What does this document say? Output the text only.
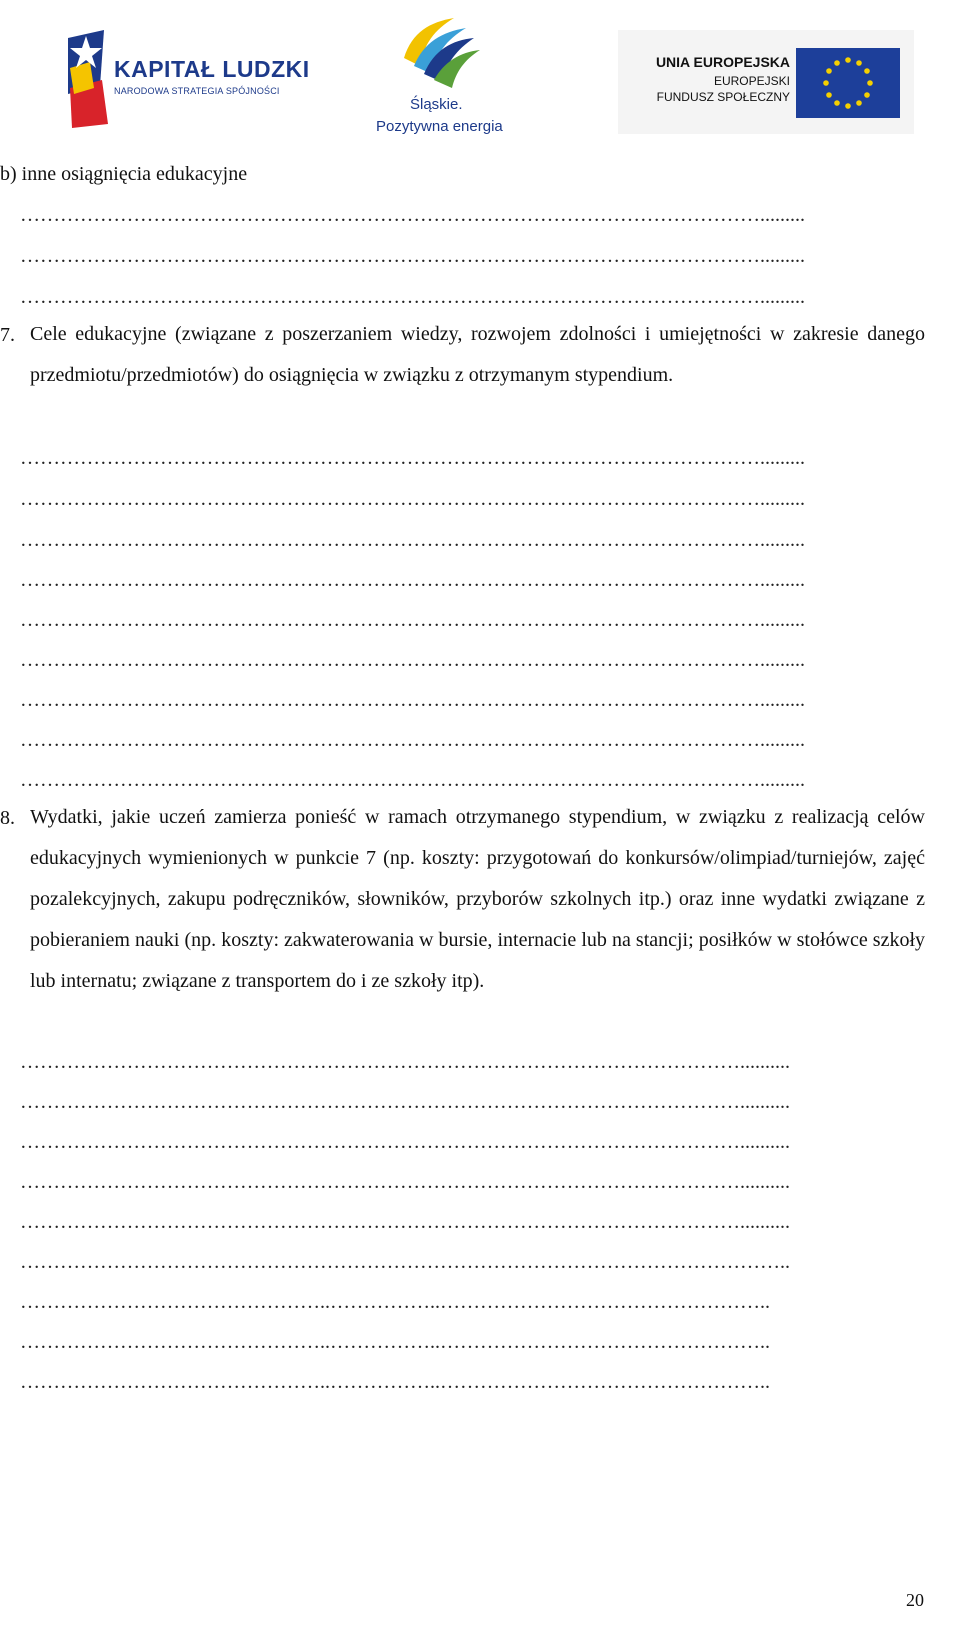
KAPITAŁ LUDZKI
NARODOWA STRATEGIA SPÓJNOŚCI
Śląskie.
Pozytywna energia
UNIA EUROPEJSKA
EUROPEJSKI
FUNDUSZ SPOŁECZNY
b) inne osiągnięcia edukacyjne
………………………………………………………………………………………………….........
………………………………………………………………………………………………….........
………………………………………………………………………………………………….........
7. Cele edukacyjne (związane z poszerzaniem wiedzy, rozwojem zdolności i umiejętności w zakresie danego przedmiotu/przedmiotów) do osiągnięcia w związku z otrzymanym stypendium.
………………………………………………………………………………………………….........
………………………………………………………………………………………………….........
………………………………………………………………………………………………….........
………………………………………………………………………………………………….........
………………………………………………………………………………………………….........
………………………………………………………………………………………………….........
………………………………………………………………………………………………….........
………………………………………………………………………………………………….........
………………………………………………………………………………………………….........
8. Wydatki, jakie uczeń zamierza ponieść w ramach otrzymanego stypendium, w związku z realizacją celów edukacyjnych wymienionych w punkcie 7 (np. koszty: przygotowań do konkursów/olimpiad/turniejów, zajęć pozalekcyjnych, zakupu podręczników, słowników, przyborów szkolnych itp.) oraz inne wydatki związane z pobieraniem nauki (np. koszty: zakwaterowania w bursie, internacie lub na stancji; posiłków w stołówce szkoły lub internatu; związane z transportem do i ze szkoły itp).
………………………………………………………………………………………………..........
………………………………………………………………………………………………..........
………………………………………………………………………………………………..........
………………………………………………………………………………………………..........
………………………………………………………………………………………………..........
……………………………………………………………………………………………………..
………………………………………..……………..…………………………………………..
………………………………………..……………..…………………………………………..
………………………………………..……………..…………………………………………..
20
